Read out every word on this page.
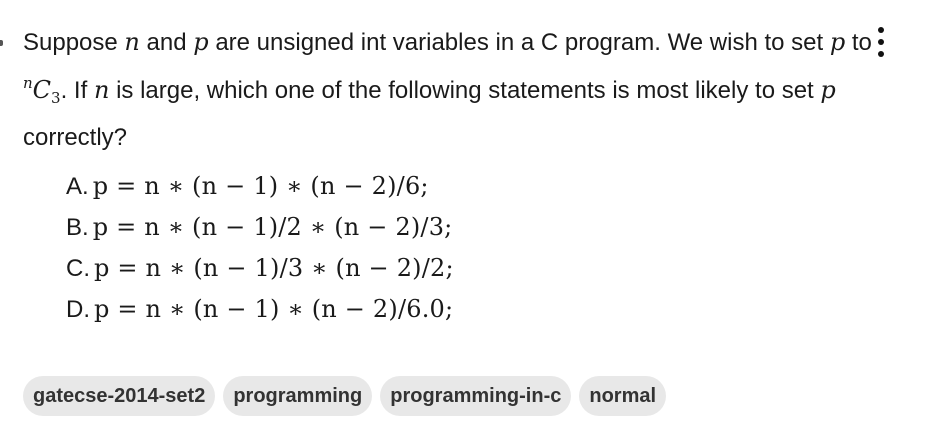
Suppose n and p are unsigned int variables in a C program. We wish to set p to $^nC_3$. If n is large, which one of the following statements is most likely to set p correctly?
A. p = n ∗ (n − 1) ∗ (n − 2)/6;
B. p = n ∗ (n − 1)/2 ∗ (n − 2)/3;
C. p = n ∗ (n − 1)/3 ∗ (n − 2)/2;
D. p = n ∗ (n − 1) ∗ (n − 2)/6.0;
gatecse-2014-set2	programming	programming-in-c	normal
